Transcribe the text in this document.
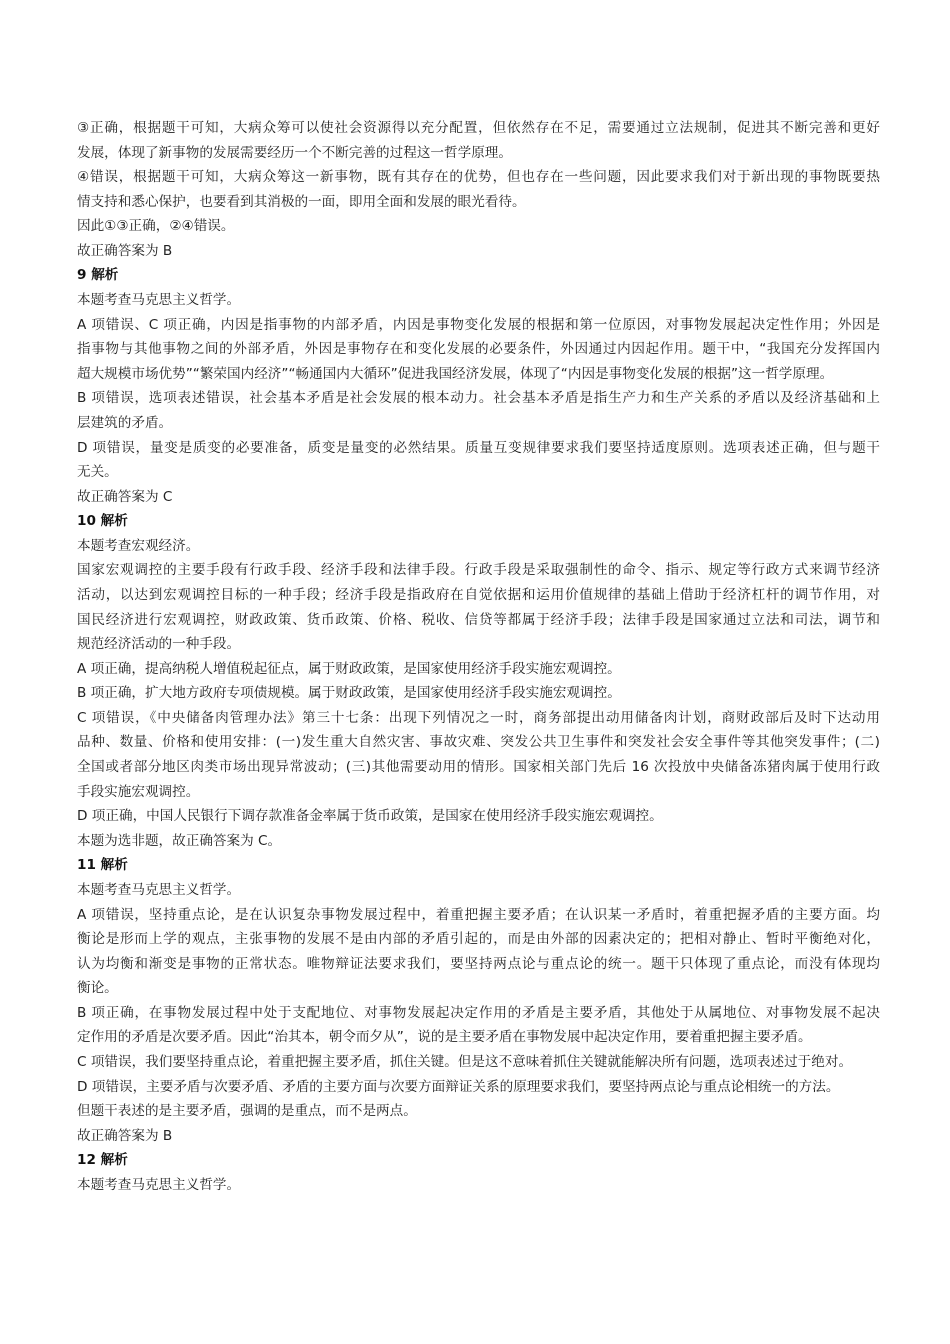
③正确，根据题干可知，大病众筹可以使社会资源得以充分配置，但依然存在不足，需要通过立法规制，促进其不断完善和更好
发展，体现了新事物的发展需要经历一个不断完善的过程这一哲学原理。
④错误，根据题干可知，大病众筹这一新事物，既有其存在的优势，但也存在一些问题，因此要求我们对于新出现的事物既要热
情支持和悉心保护，也要看到其消极的一面，即用全面和发展的眼光看待。
因此①③正确，②④错误。
故正确答案为 B
9 解析
本题考查马克思主义哲学。
A 项错误、C 项正确，内因是指事物的内部矛盾，内因是事物变化发展的根据和第一位原因，对事物发展起决定性作用；外因是
指事物与其他事物之间的外部矛盾，外因是事物存在和变化发展的必要条件，外因通过内因起作用。题干中，“我国充分发挥国内
超大规模市场优势”“繁荣国内经济”“畅通国内大循环”促进我国经济发展，体现了“内因是事物变化发展的根据”这一哲学原理。
B 项错误，选项表述错误，社会基本矛盾是社会发展的根本动力。社会基本矛盾是指生产力和生产关系的矛盾以及经济基础和上
层建筑的矛盾。
D 项错误，量变是质变的必要准备，质变是量变的必然结果。质量互变规律要求我们要坚持适度原则。选项表述正确，但与题干
无关。
故正确答案为 C
10 解析
本题考查宏观经济。
国家宏观调控的主要手段有行政手段、经济手段和法律手段。行政手段是采取强制性的命令、指示、规定等行政方式来调节经济
活动，以达到宏观调控目标的一种手段；经济手段是指政府在自觉依据和运用价值规律的基础上借助于经济杠杆的调节作用，对
国民经济进行宏观调控，财政政策、货币政策、价格、税收、信贷等都属于经济手段；法律手段是国家通过立法和司法，调节和
规范经济活动的一种手段。
A 项正确，提高纳税人增值税起征点，属于财政政策，是国家使用经济手段实施宏观调控。
B 项正确，扩大地方政府专项债规模。属于财政政策，是国家使用经济手段实施宏观调控。
C 项错误，《中央储备肉管理办法》第三十七条：出现下列情况之一时，商务部提出动用储备肉计划，商财政部后及时下达动用
品种、数量、价格和使用安排：(一)发生重大自然灾害、事故灾难、突发公共卫生事件和突发社会安全事件等其他突发事件；(二)
全国或者部分地区肉类市场出现异常波动；(三)其他需要动用的情形。国家相关部门先后 16 次投放中央储备冻猪肉属于使用行政
手段实施宏观调控。
D 项正确，中国人民银行下调存款准备金率属于货币政策，是国家在使用经济手段实施宏观调控。
本题为选非题，故正确答案为 C。
11 解析
本题考查马克思主义哲学。
A 项错误，坚持重点论，是在认识复杂事物发展过程中，着重把握主要矛盾；在认识某一矛盾时，着重把握矛盾的主要方面。均
衡论是形而上学的观点，主张事物的发展不是由内部的矛盾引起的，而是由外部的因素决定的；把相对静止、暂时平衡绝对化，
认为均衡和渐变是事物的正常状态。唯物辩证法要求我们，要坚持两点论与重点论的统一。题干只体现了重点论，而没有体现均
衡论。
B 项正确，在事物发展过程中处于支配地位、对事物发展起决定作用的矛盾是主要矛盾，其他处于从属地位、对事物发展不起决
定作用的矛盾是次要矛盾。因此“治其本，朝令而夕从”，说的是主要矛盾在事物发展中起决定作用，要着重把握主要矛盾。
C 项错误，我们要坚持重点论，着重把握主要矛盾，抓住关键。但是这不意味着抓住关键就能解决所有问题，选项表述过于绝对。
D 项错误，主要矛盾与次要矛盾、矛盾的主要方面与次要方面辩证关系的原理要求我们，要坚持两点论与重点论相统一的方法。
但题干表述的是主要矛盾，强调的是重点，而不是两点。
故正确答案为 B
12 解析
本题考查马克思主义哲学。
